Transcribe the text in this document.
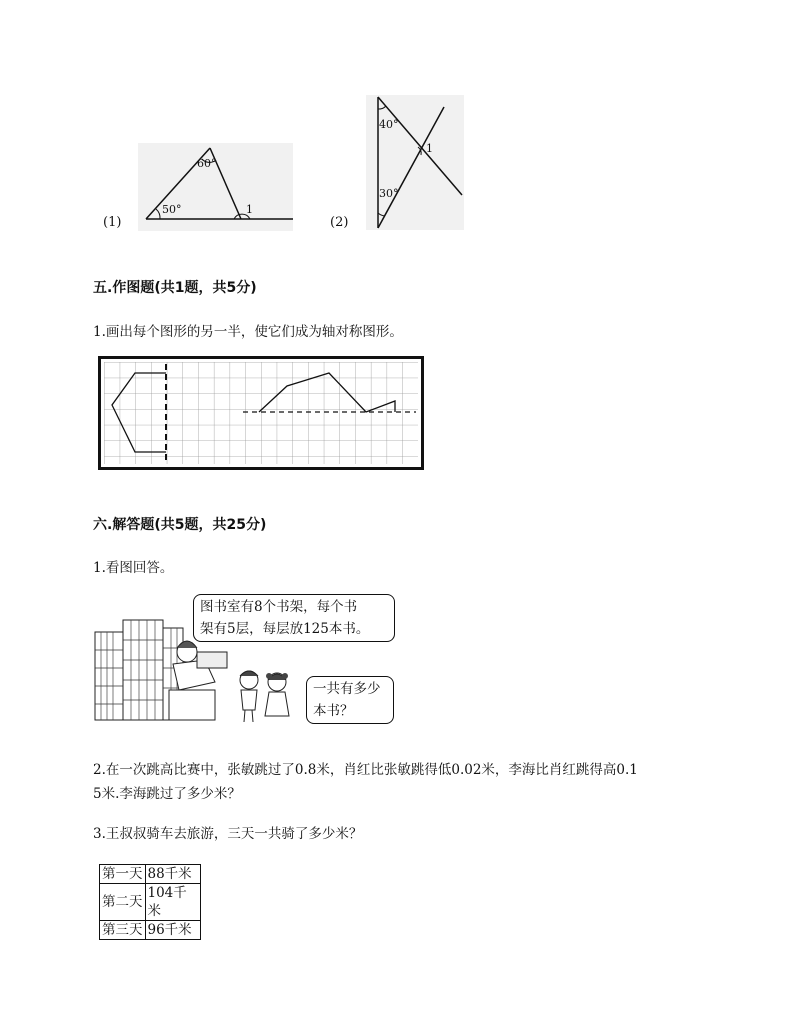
60°
50°	1
(1)
40°
1
30°
(2)
五.作图题(共1题，共5分)
1.画出每个图形的另一半，使它们成为轴对称图形。
六.解答题(共5题，共25分)
1.看图回答。
图书室有8个书架，每个书
架有5层，每层放125本书。
一共有多少
本书？
2.在一次跳高比赛中，张敏跳过了0.8米，肖红比张敏跳得低0.02米，李海比肖红跳得高0.1
5米.李海跳过了多少米？
3.王叔叔骑车去旅游，三天一共骑了多少米？
第一天	88千米
第二天	104千米
第三天	96千米
